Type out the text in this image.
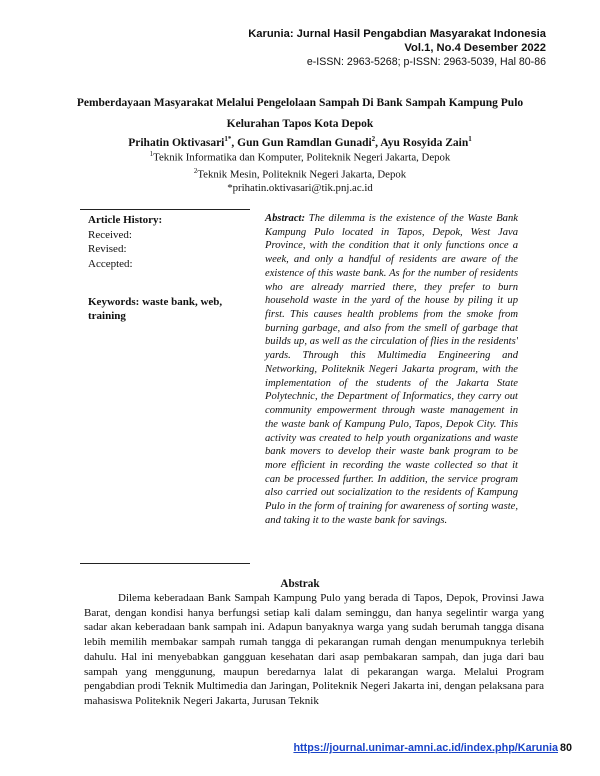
Karunia: Jurnal Hasil Pengabdian Masyarakat Indonesia
Vol.1, No.4 Desember 2022
e-ISSN: 2963-5268; p-ISSN: 2963-5039, Hal 80-86
Pemberdayaan Masyarakat Melalui Pengelolaan Sampah Di Bank Sampah Kampung Pulo
Kelurahan Tapos Kota Depok
Prihatin Oktivasari$^{1*}$, Gun Gun Ramdlan Gunadi$^2$, Ayu Rosyida Zain$^1$
$^1$Teknik Informatika dan Komputer, Politeknik Negeri Jakarta, Depok
$^2$Teknik Mesin, Politeknik Negeri Jakarta, Depok
*prihatin.oktivasari@tik.pnj.ac.id
Article History:
Received:
Revised:
Accepted:
Keywords: waste bank, web, training
Abstract: The dilemma is the existence of the Waste Bank Kampung Pulo located in Tapos, Depok, West Java Province, with the condition that it only functions once a week, and only a handful of residents are aware of the existence of this waste bank. As for the number of residents who are already married there, they prefer to burn household waste in the yard of the house by piling it up first. This causes health problems from the smoke from burning garbage, and also from the smell of garbage that builds up, as well as the circulation of flies in the residents' yards. Through this Multimedia Engineering and Networking, Politeknik Negeri Jakarta program, with the implementation of the students of the Jakarta State Polytechnic, the Department of Informatics, they carry out community empowerment through waste management in the waste bank of Kampung Pulo, Tapos, Depok City. This activity was created to help youth organizations and waste bank movers to develop their waste bank program to be more efficient in recording the waste collected so that it can be processed further. In addition, the service program also carried out socialization to the residents of Kampung Pulo in the form of training for awareness of sorting waste, and taking it to the waste bank for savings.
Abstrak
Dilema keberadaan Bank Sampah Kampung Pulo yang berada di Tapos, Depok, Provinsi Jawa Barat, dengan kondisi hanya berfungsi setiap kali dalam seminggu, dan hanya segelintir warga yang sadar akan keberadaan bank sampah ini. Adapun banyaknya warga yang sudah berumah tangga disana lebih memilih membakar sampah rumah tangga di pekarangan rumah dengan menumpuknya terlebih dahulu. Hal ini menyebabkan gangguan kesehatan dari asap pembakaran sampah, dan juga dari bau sampah yang menggunung, maupun beredarnya lalat di pekarangan warga. Melalui Program pengabdian prodi Teknik Multimedia dan Jaringan, Politeknik Negeri Jakarta ini, dengan pelaksana para mahasiswa Politeknik Negeri Jakarta, Jurusan Teknik
https://journal.unimar-amni.ac.id/index.php/Karunia 80
